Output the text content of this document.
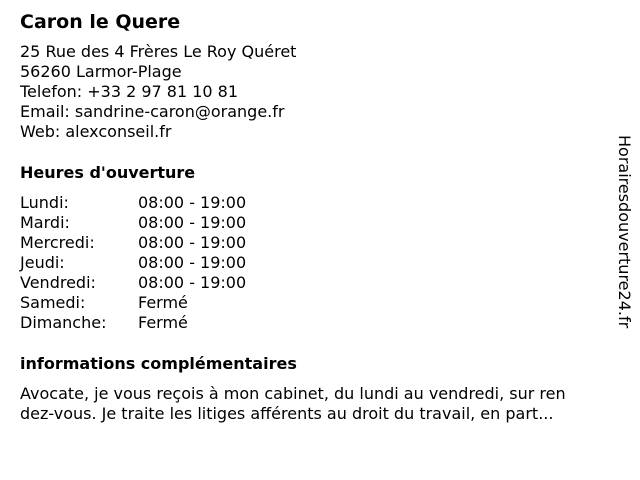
Caron le Quere
25 Rue des 4 Frères Le Roy Quéret
56260 Larmor-Plage
Telefon: +33 2 97 81 10 81
Email: sandrine-caron@orange.fr
Web: alexconseil.fr
Heures d'ouverture
Lundi:	08:00 - 19:00
Mardi:	08:00 - 19:00
Mercredi:	08:00 - 19:00
Jeudi:	08:00 - 19:00
Vendredi:	08:00 - 19:00
Samedi:	Fermé
Dimanche:	Fermé
informations complémentaires
Avocate, je vous reçois à mon cabinet, du lundi au vendredi, sur ren
dez-vous. Je traite les litiges afférents au droit du travail, en part...
Horairesdouverture24.fr
